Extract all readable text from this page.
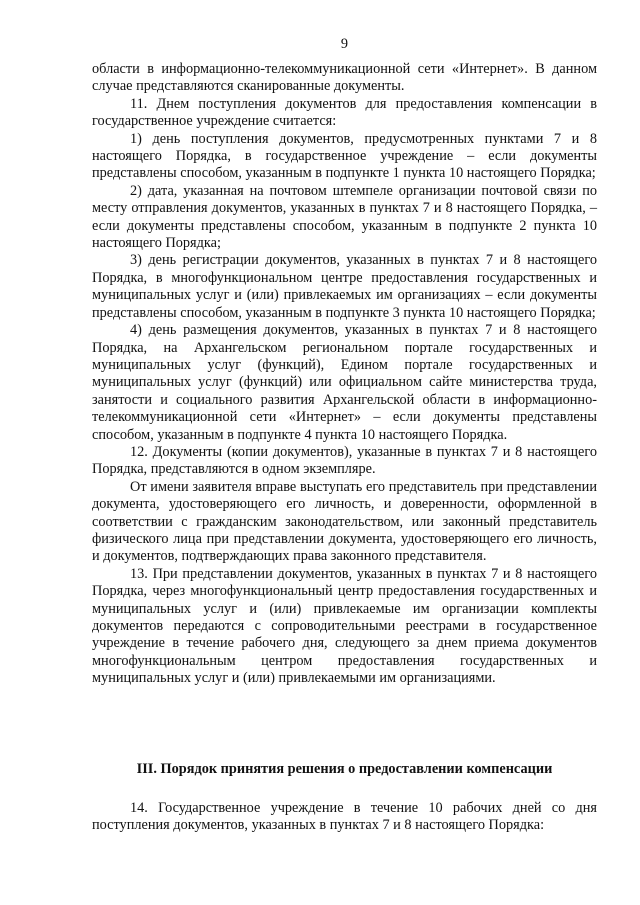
9

области в информационно-телекоммуникационной сети «Интернет». В данном случае представляются сканированные документы.

11. Днем поступления документов для предоставления компенсации в государственное учреждение считается:

1) день поступления документов, предусмотренных пунктами 7 и 8 настоящего Порядка, в государственное учреждение – если документы представлены способом, указанным в подпункте 1 пункта 10 настоящего Порядка;

2) дата, указанная на почтовом штемпеле организации почтовой связи по месту отправления документов, указанных в пунктах 7 и 8 настоящего Порядка, – если документы представлены способом, указанным в подпункте 2 пункта 10 настоящего Порядка;

3) день регистрации документов, указанных в пунктах 7 и 8 настоящего Порядка, в многофункциональном центре предоставления государственных и муниципальных услуг и (или) привлекаемых им организациях – если документы представлены способом, указанным в подпункте 3 пункта 10 настоящего Порядка;

4) день размещения документов, указанных в пунктах 7 и 8 настоящего Порядка, на Архангельском региональном портале государственных и муниципальных услуг (функций), Едином портале государственных и муниципальных услуг (функций) или официальном сайте министерства труда, занятости и социального развития Архангельской области в информационно-телекоммуникационной сети «Интернет» – если документы представлены способом, указанным в подпункте 4 пункта 10 настоящего Порядка.

12. Документы (копии документов), указанные в пунктах 7 и 8 настоящего Порядка, представляются в одном экземпляре.

От имени заявителя вправе выступать его представитель при представлении документа, удостоверяющего его личность, и доверенности, оформленной в соответствии с гражданским законодательством, или законный представитель физического лица при представлении документа, удостоверяющего его личность, и документов, подтверждающих права законного представителя.

13. При представлении документов, указанных в пунктах 7 и 8 настоящего Порядка, через многофункциональный центр предоставления государственных и муниципальных услуг и (или) привлекаемые им организации комплекты документов передаются с сопроводительными реестрами в государственное учреждение в течение рабочего дня, следующего за днем приема документов многофункциональным центром предоставления государственных и муниципальных услуг и (или) привлекаемыми им организациями.

III. Порядок принятия решения о предоставлении компенсации

14. Государственное учреждение в течение 10 рабочих дней со дня поступления документов, указанных в пунктах 7 и 8 настоящего Порядка:
